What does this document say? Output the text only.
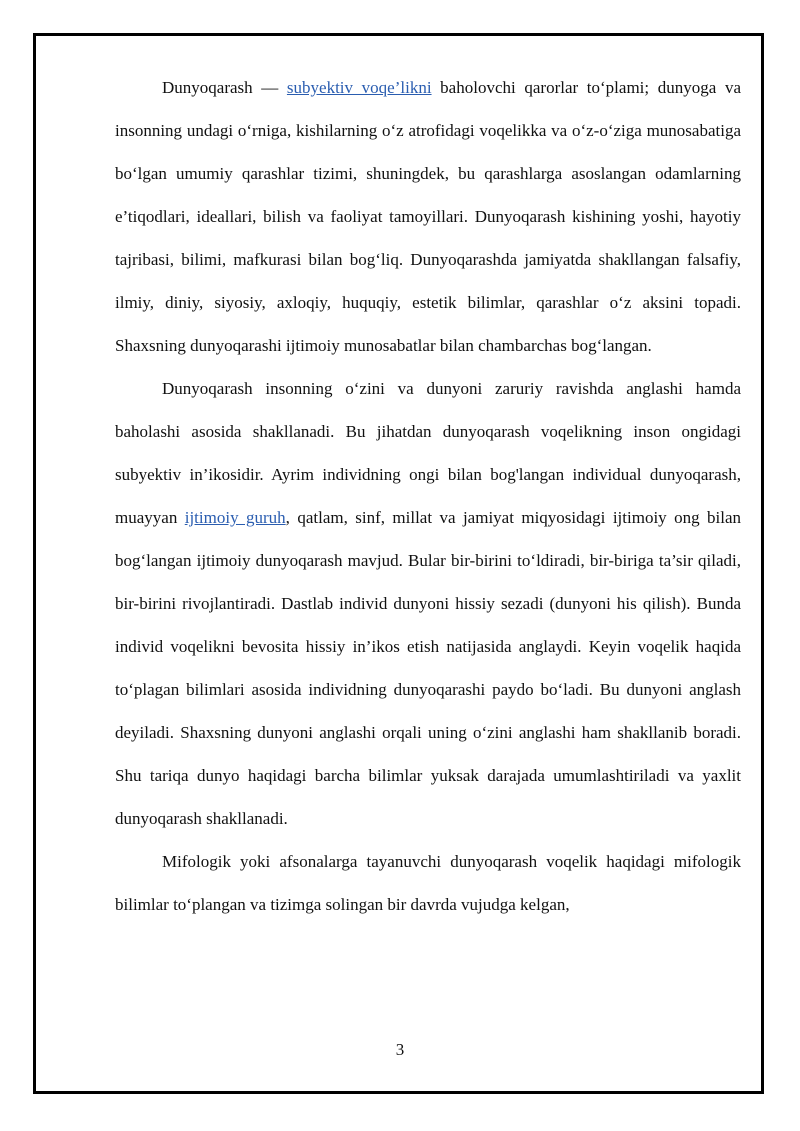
Dunyoqarash — subyektiv voqe’likni baholovchi qarorlar to‘plami; dunyoga va insonning undagi o‘rniga, kishilarning o‘z atrofidagi voqelikka va o‘z-o‘ziga munosabatiga bo‘lgan umumiy qarashlar tizimi, shuningdek, bu qarashlarga asoslangan odamlarning e’tiqodlari, ideallari, bilish va faoliyat tamoyillari. Dunyoqarash kishining yoshi, hayotiy tajribasi, bilimi, mafkurasi bilan bog‘liq. Dunyoqarashda jamiyatda shakllangan falsafiy, ilmiy, diniy, siyosiy, axloqiy, huquqiy, estetik bilimlar, qarashlar o‘z aksini topadi. Shaxsning dunyoqarashi ijtimoiy munosabatlar bilan chambarchas bog‘langan.

Dunyoqarash insonning o‘zini va dunyoni zaruriy ravishda anglashi hamda baholashi asosida shakllanadi. Bu jihatdan dunyoqarash voqelikning inson ongidagi subyektiv in’ikosidir. Ayrim individning ongi bilan bog'langan individual dunyoqarash, muayyan ijtimoiy guruh, qatlam, sinf, millat va jamiyat miqyosidagi ijtimoiy ong bilan bog‘langan ijtimoiy dunyoqarash mavjud. Bular bir-birini to‘ldiradi, bir-biriga ta’sir qiladi, bir-birini rivojlantiradi. Dastlab individ dunyoni hissiy sezadi (dunyoni his qilish). Bunda individ voqelikni bevosita hissiy in’ikos etish natijasida anglaydi. Keyin voqelik haqida to‘plagan bilimlari asosida individning dunyoqarashi paydo bo‘ladi. Bu dunyoni anglash deyiladi. Shaxsning dunyoni anglashi orqali uning o‘zini anglashi ham shakllanib boradi. Shu tariqa dunyo haqidagi barcha bilimlar yuksak darajada umumlashtiriladi va yaxlit dunyoqarash shakllanadi.

Mifologik yoki afsonalarga tayanuvchi dunyoqarash voqelik haqidagi mifologik bilimlar to‘plangan va tizimga solingan bir davrda vujudga kelgan,

3
